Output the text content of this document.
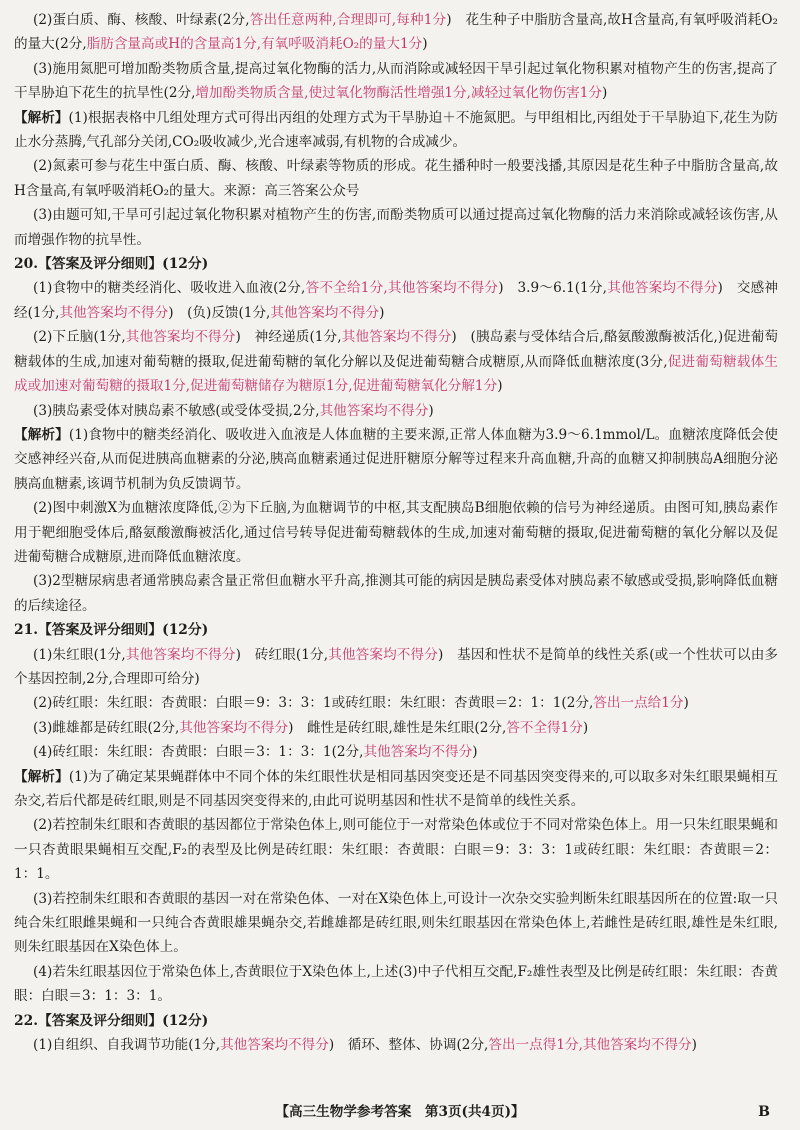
(2)蛋白质、酶、核酸、叶绿素(2分,答出任意两种,合理即可,每种1分)　花生种子中脂肪含量高,故H含量高,有氧呼吸消耗O₂的量大(2分,脂肪含量高或H的含量高1分,有氧呼吸消耗O₂的量大1分)

(3)施用氮肥可增加酚类物质含量,提高过氧化物酶的活力,从而消除或减轻因干旱引起过氧化物积累对植物产生的伤害,提高了干旱胁迫下花生的抗旱性(2分,增加酚类物质含量,使过氧化物酶活性增强1分,减轻过氧化物伤害1分)

【解析】(1)根据表格中几组处理方式可得出丙组的处理方式为干旱胁迫＋不施氮肥。与甲组相比,丙组处于干旱胁迫下,花生为防止水分蒸腾,气孔部分关闭,CO₂吸收减少,光合速率减弱,有机物的合成减少。

(2)氮素可参与花生中蛋白质、酶、核酸、叶绿素等物质的形成。花生播种时一般要浅播,其原因是花生种子中脂肪含量高,故H含量高,有氧呼吸消耗O₂的量大。来源：高三答案公众号

(3)由题可知,干旱可引起过氧化物积累对植物产生的伤害,而酚类物质可以通过提高过氧化物酶的活力来消除或减轻该伤害,从而增强作物的抗旱性。

20.【答案及评分细则】(12分)

(1)食物中的糖类经消化、吸收进入血液(2分,答不全给1分,其他答案均不得分)　3.9～6.1(1分,其他答案均不得分)　交感神经(1分,其他答案均不得分)　(负)反馈(1分,其他答案均不得分)

(2)下丘脑(1分,其他答案均不得分)　神经递质(1分,其他答案均不得分)　(胰岛素与受体结合后,酪氨酸激酶被活化,)促进葡萄糖载体的生成,加速对葡萄糖的摄取,促进葡萄糖的氧化分解以及促进葡萄糖合成糖原,从而降低血糖浓度(3分,促进葡萄糖载体生成或加速对葡萄糖的摄取1分,促进葡萄糖储存为糖原1分,促进葡萄糖氧化分解1分)

(3)胰岛素受体对胰岛素不敏感(或受体受损,2分,其他答案均不得分)

【解析】(1)食物中的糖类经消化、吸收进入血液是人体血糖的主要来源,正常人体血糖为3.9～6.1mmol/L。血糖浓度降低会使交感神经兴奋,从而促进胰高血糖素的分泌,胰高血糖素通过促进肝糖原分解等过程来升高血糖,升高的血糖又抑制胰岛A细胞分泌胰高血糖素,该调节机制为负反馈调节。

(2)图中刺激X为血糖浓度降低,②为下丘脑,为血糖调节的中枢,其支配胰岛B细胞依赖的信号为神经递质。由图可知,胰岛素作用于靶细胞受体后,酪氨酸激酶被活化,通过信号转导促进葡萄糖载体的生成,加速对葡萄糖的摄取,促进葡萄糖的氧化分解以及促进葡萄糖合成糖原,进而降低血糖浓度。

(3)2型糖尿病患者通常胰岛素含量正常但血糖水平升高,推测其可能的病因是胰岛素受体对胰岛素不敏感或受损,影响降低血糖的后续途径。

21.【答案及评分细则】(12分)

(1)朱红眼(1分,其他答案均不得分)　砖红眼(1分,其他答案均不得分)　基因和性状不是简单的线性关系(或一个性状可以由多个基因控制,2分,合理即可给分)

(2)砖红眼：朱红眼：杏黄眼：白眼＝9：3：3：1或砖红眼：朱红眼：杏黄眼＝2：1：1(2分,答出一点给1分)

(3)雌雄都是砖红眼(2分,其他答案均不得分)　雌性是砖红眼,雄性是朱红眼(2分,答不全得1分)

(4)砖红眼：朱红眼：杏黄眼：白眼＝3：1：3：1(2分,其他答案均不得分)

【解析】(1)为了确定某果蝇群体中不同个体的朱红眼性状是相同基因突变还是不同基因突变得来的,可以取多对朱红眼果蝇相互杂交,若后代都是砖红眼,则是不同基因突变得来的,由此可说明基因和性状不是简单的线性关系。

(2)若控制朱红眼和杏黄眼的基因都位于常染色体上,则可能位于一对常染色体或位于不同对常染色体上。用一只朱红眼果蝇和一只杏黄眼果蝇相互交配,F₂的表型及比例是砖红眼：朱红眼：杏黄眼：白眼＝9：3：3：1或砖红眼：朱红眼：杏黄眼＝2：1：1。

(3)若控制朱红眼和杏黄眼的基因一对在常染色体、一对在X染色体上,可设计一次杂交实验判断朱红眼基因所在的位置:取一只纯合朱红眼雌果蝇和一只纯合杏黄眼雄果蝇杂交,若雌雄都是砖红眼,则朱红眼基因在常染色体上,若雌性是砖红眼,雄性是朱红眼,则朱红眼基因在X染色体上。

(4)若朱红眼基因位于常染色体上,杏黄眼位于X染色体上,上述(3)中子代相互交配,F₂雄性表型及比例是砖红眼：朱红眼：杏黄眼：白眼＝3：1：3：1。

22.【答案及评分细则】(12分)

(1)自组织、自我调节功能(1分,其他答案均不得分)　循环、整体、协调(2分,答出一点得1分,其他答案均不得分)

【高三生物学参考答案　第3页(共4页)】	B
